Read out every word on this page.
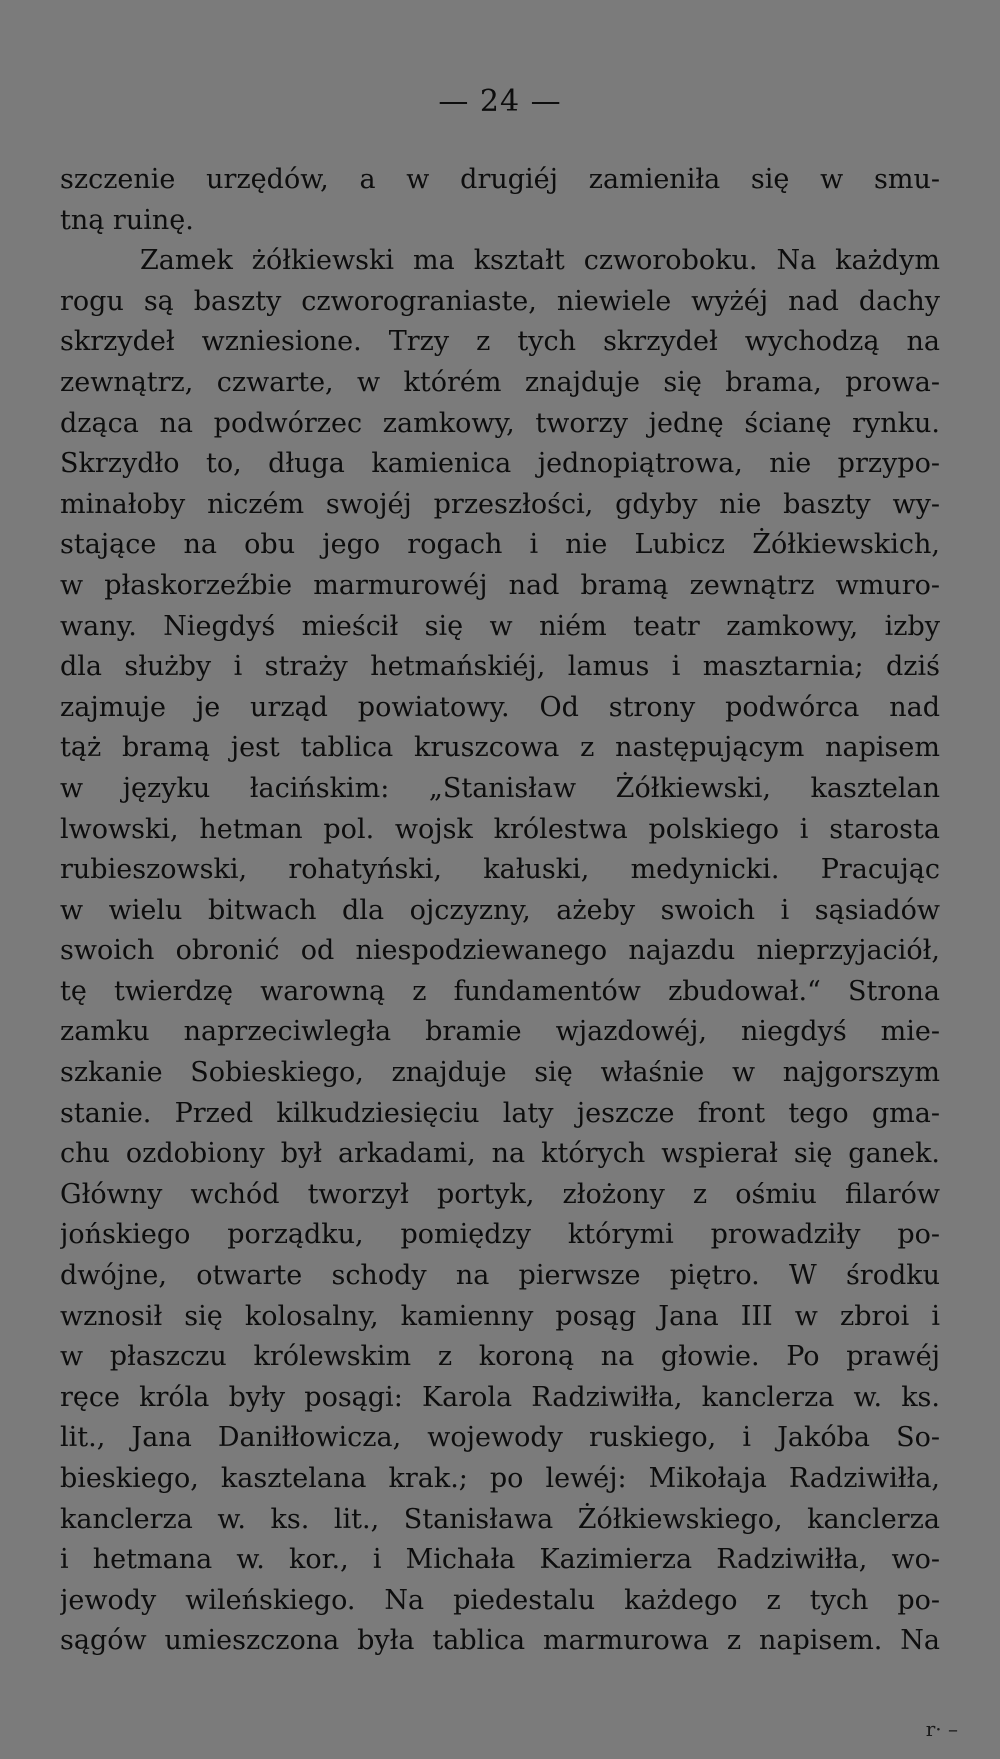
— 24 —
szczenie urzędów, a w drugiéj zamieniła się w smu-
tną ruinę.
Zamek żółkiewski ma kształt czworoboku. Na każdym
rogu są baszty czworograniaste, niewiele wyżéj nad dachy
skrzydeł wzniesione. Trzy z tych skrzydeł wychodzą na
zewnątrz, czwarte, w którém znajduje się brama, prowa-
dząca na podwórzec zamkowy, tworzy jednę ścianę rynku.
Skrzydło to, długa kamienica jednopiątrowa, nie przypo-
minałoby niczém swojéj przeszłości, gdyby nie baszty wy-
stające na obu jego rogach i nie Lubicz Żółkiewskich,
w płaskorzeźbie marmurowéj nad bramą zewnątrz wmuro-
wany. Niegdyś mieścił się w niém teatr zamkowy, izby
dla służby i straży hetmańskiéj, lamus i masztarnia; dziś
zajmuje je urząd powiatowy. Od strony podwórca nad
tąż bramą jest tablica kruszcowa z następującym napisem
w języku łacińskim: „Stanisław Żółkiewski, kasztelan
lwowski, hetman pol. wojsk królestwa polskiego i starosta
rubieszowski, rohatyński, kałuski, medynicki. Pracując
w wielu bitwach dla ojczyzny, ażeby swoich i sąsiadów
swoich obronić od niespodziewanego najazdu nieprzyjaciół,
tę twierdzę warowną z fundamentów zbudował.“ Strona
zamku naprzeciwległa bramie wjazdowéj, niegdyś mie-
szkanie Sobieskiego, znajduje się właśnie w najgorszym
stanie. Przed kilkudziesięciu laty jeszcze front tego gma-
chu ozdobiony był arkadami, na których wspierał się ganek.
Główny wchód tworzył portyk, złożony z ośmiu filarów
jońskiego porządku, pomiędzy którymi prowadziły po-
dwójne, otwarte schody na pierwsze piętro. W środku
wznosił się kolosalny, kamienny posąg Jana III w zbroi i
w płaszczu królewskim z koroną na głowie. Po prawéj
ręce króla były posągi: Karola Radziwiłła, kanclerza w. ks.
lit., Jana Daniłłowicza, wojewody ruskiego, i Jakóba So-
bieskiego, kasztelana krak.; po lewéj: Mikołaja Radziwiłła,
kanclerza w. ks. lit., Stanisława Żółkiewskiego, kanclerza
i hetmana w. kor., i Michała Kazimierza Radziwiłła, wo-
jewody wileńskiego. Na piedestalu każdego z tych po-
sągów umieszczona była tablica marmurowa z napisem. Na
r· –
